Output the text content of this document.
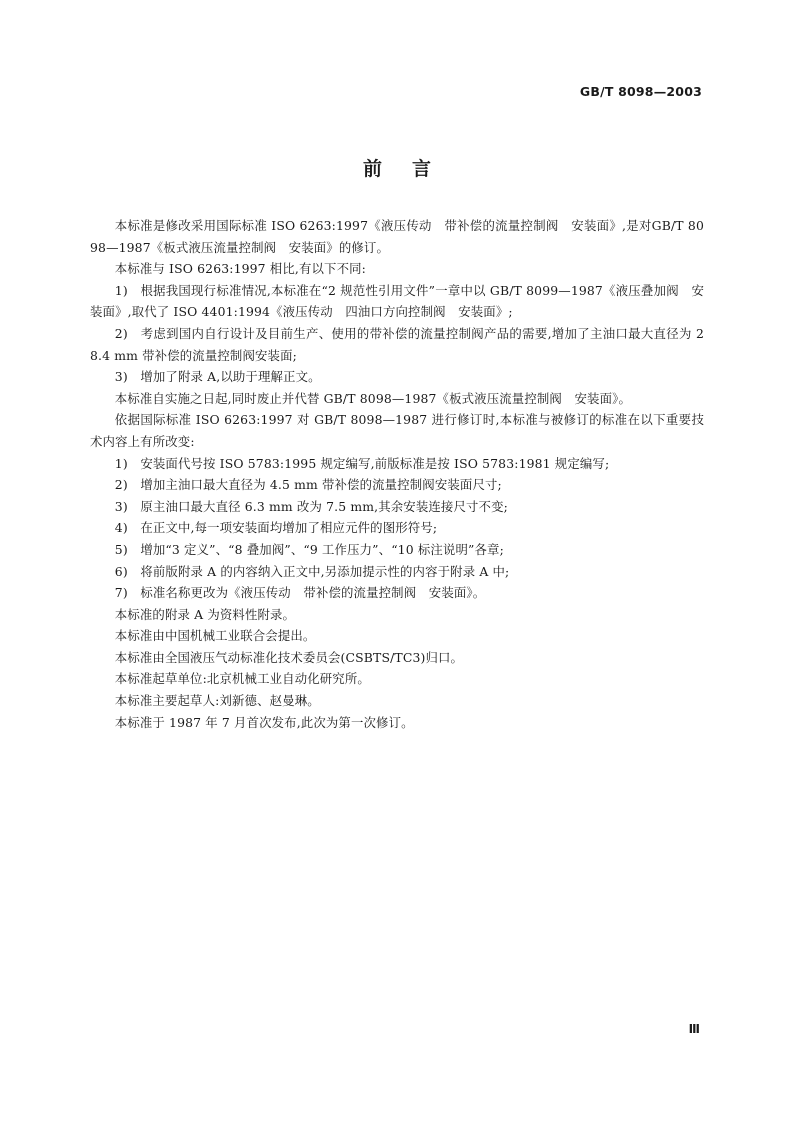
GB/T 8098—2003
前言

本标准是修改采用国际标准 ISO 6263:1997《液压传动　带补偿的流量控制阀　安装面》,是对GB/T 8098—1987《板式液压流量控制阀　安装面》的修订。

本标准与 ISO 6263:1997 相比,有以下不同:

1)　根据我国现行标准情况,本标准在“2 规范性引用文件”一章中以 GB/T 8099—1987《液压叠加阀　安装面》,取代了 ISO 4401:1994《液压传动　四油口方向控制阀　安装面》;

2)　考虑到国内自行设计及目前生产、使用的带补偿的流量控制阀产品的需要,增加了主油口最大直径为 28.4 mm 带补偿的流量控制阀安装面;

3)　增加了附录 A,以助于理解正文。

本标准自实施之日起,同时废止并代替 GB/T 8098—1987《板式液压流量控制阀　安装面》。

依据国际标准 ISO 6263:1997 对 GB/T 8098—1987 进行修订时,本标准与被修订的标准在以下重要技术内容上有所改变:

1)　安装面代号按 ISO 5783:1995 规定编写,前版标准是按 ISO 5783:1981 规定编写;

2)　增加主油口最大直径为 4.5 mm 带补偿的流量控制阀安装面尺寸;

3)　原主油口最大直径 6.3 mm 改为 7.5 mm,其余安装连接尺寸不变;

4)　在正文中,每一项安装面均增加了相应元件的图形符号;

5)　增加“3 定义”、“8 叠加阀”、“9 工作压力”、“10 标注说明”各章;

6)　将前版附录 A 的内容纳入正文中,另添加提示性的内容于附录 A 中;

7)　标准名称更改为《液压传动　带补偿的流量控制阀　安装面》。

本标准的附录 A 为资料性附录。

本标准由中国机械工业联合会提出。

本标准由全国液压气动标准化技术委员会(CSBTS/TC3)归口。

本标准起草单位:北京机械工业自动化研究所。

本标准主要起草人:刘新德、赵曼琳。

本标准于 1987 年 7 月首次发布,此次为第一次修订。

Ⅲ
